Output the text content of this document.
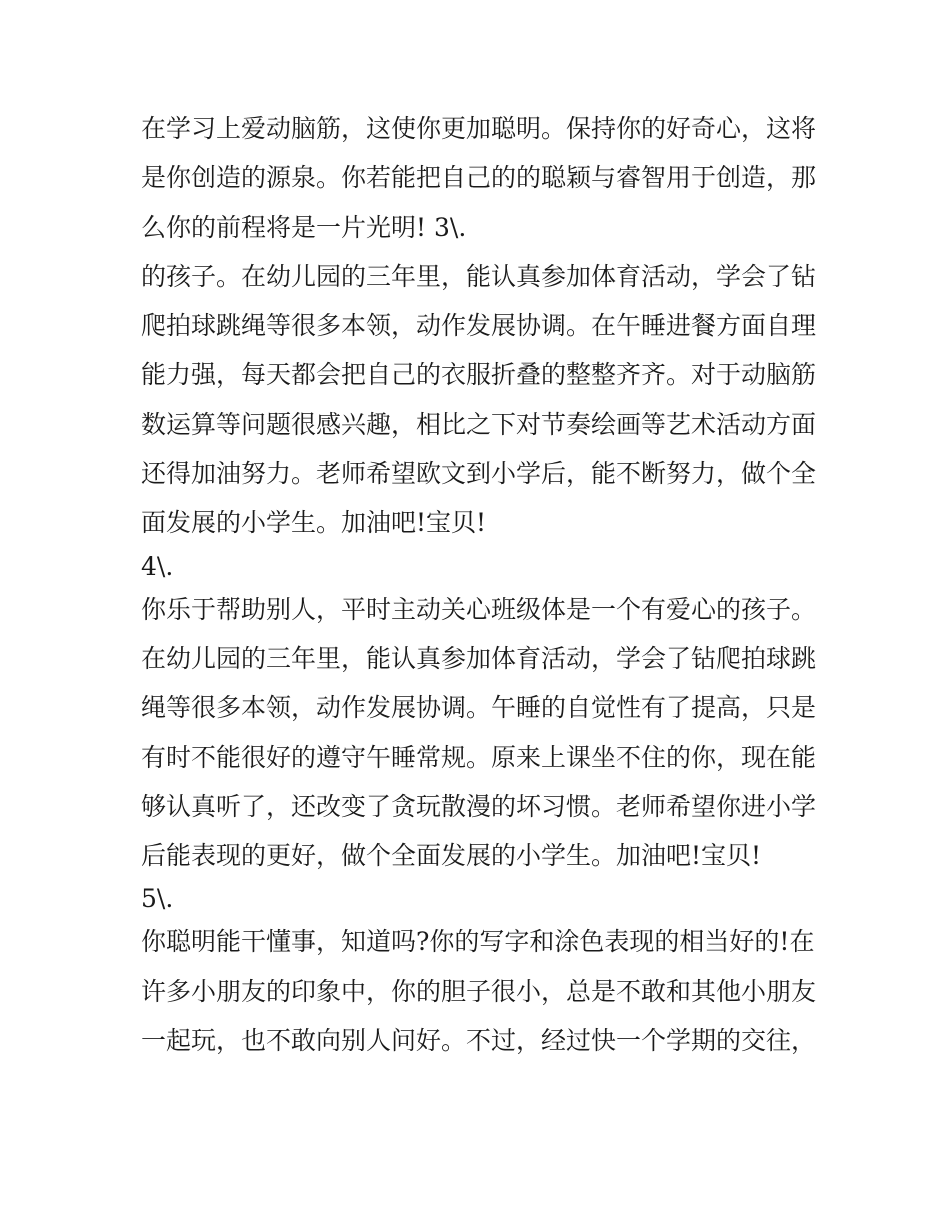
在学习上爱动脑筋，这使你更加聪明。保持你的好奇心，这将
是你创造的源泉。你若能把自己的的聪颖与睿智用于创造，那
么你的前程将是一片光明! 3\.
的孩子。在幼儿园的三年里，能认真参加体育活动，学会了钻
爬拍球跳绳等很多本领，动作发展协调。在午睡进餐方面自理
能力强，每天都会把自己的衣服折叠的整整齐齐。对于动脑筋
数运算等问题很感兴趣，相比之下对节奏绘画等艺术活动方面
还得加油努力。老师希望欧文到小学后，能不断努力，做个全
面发展的小学生。加油吧!宝贝!
4\.
你乐于帮助别人，平时主动关心班级体是一个有爱心的孩子。
在幼儿园的三年里，能认真参加体育活动，学会了钻爬拍球跳
绳等很多本领，动作发展协调。午睡的自觉性有了提高，只是
有时不能很好的遵守午睡常规。原来上课坐不住的你，现在能
够认真听了，还改变了贪玩散漫的坏习惯。老师希望你进小学
后能表现的更好，做个全面发展的小学生。加油吧!宝贝!
5\.
你聪明能干懂事，知道吗?你的写字和涂色表现的相当好的!在
许多小朋友的印象中，你的胆子很小，总是不敢和其他小朋友
一起玩，也不敢向别人问好。不过，经过快一个学期的交往，
